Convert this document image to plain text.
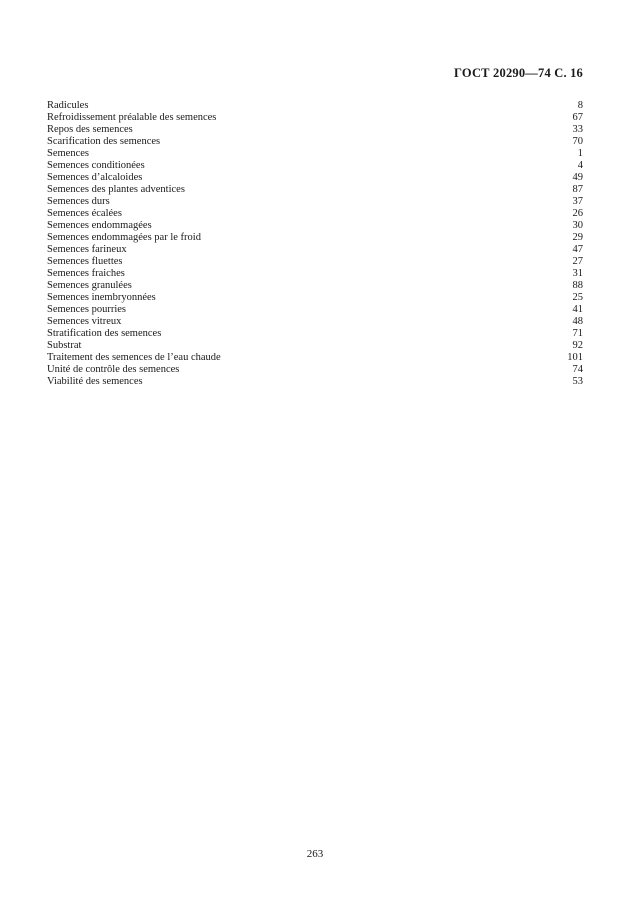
ГОСТ 20290—74 С. 16
Radicules	8
Refroidissement préalable des semences	67
Repos des semences	33
Scarification des semences	70
Semences	1
Semences conditionées	4
Semences d’alcaloides	49
Semences des plantes adventices	87
Semences durs	37
Semences écalées	26
Semences endommagées	30
Semences endommagées par le froid	29
Semences farineux	47
Semences fluettes	27
Semences fraiches	31
Semences granulées	88
Semences inembryonnées	25
Semences pourries	41
Semences vitreux	48
Stratification des semences	71
Substrat	92
Traitement des semences de l’eau chaude	101
Unité de contrôle des semences	74
Viabilité des semences	53
263
